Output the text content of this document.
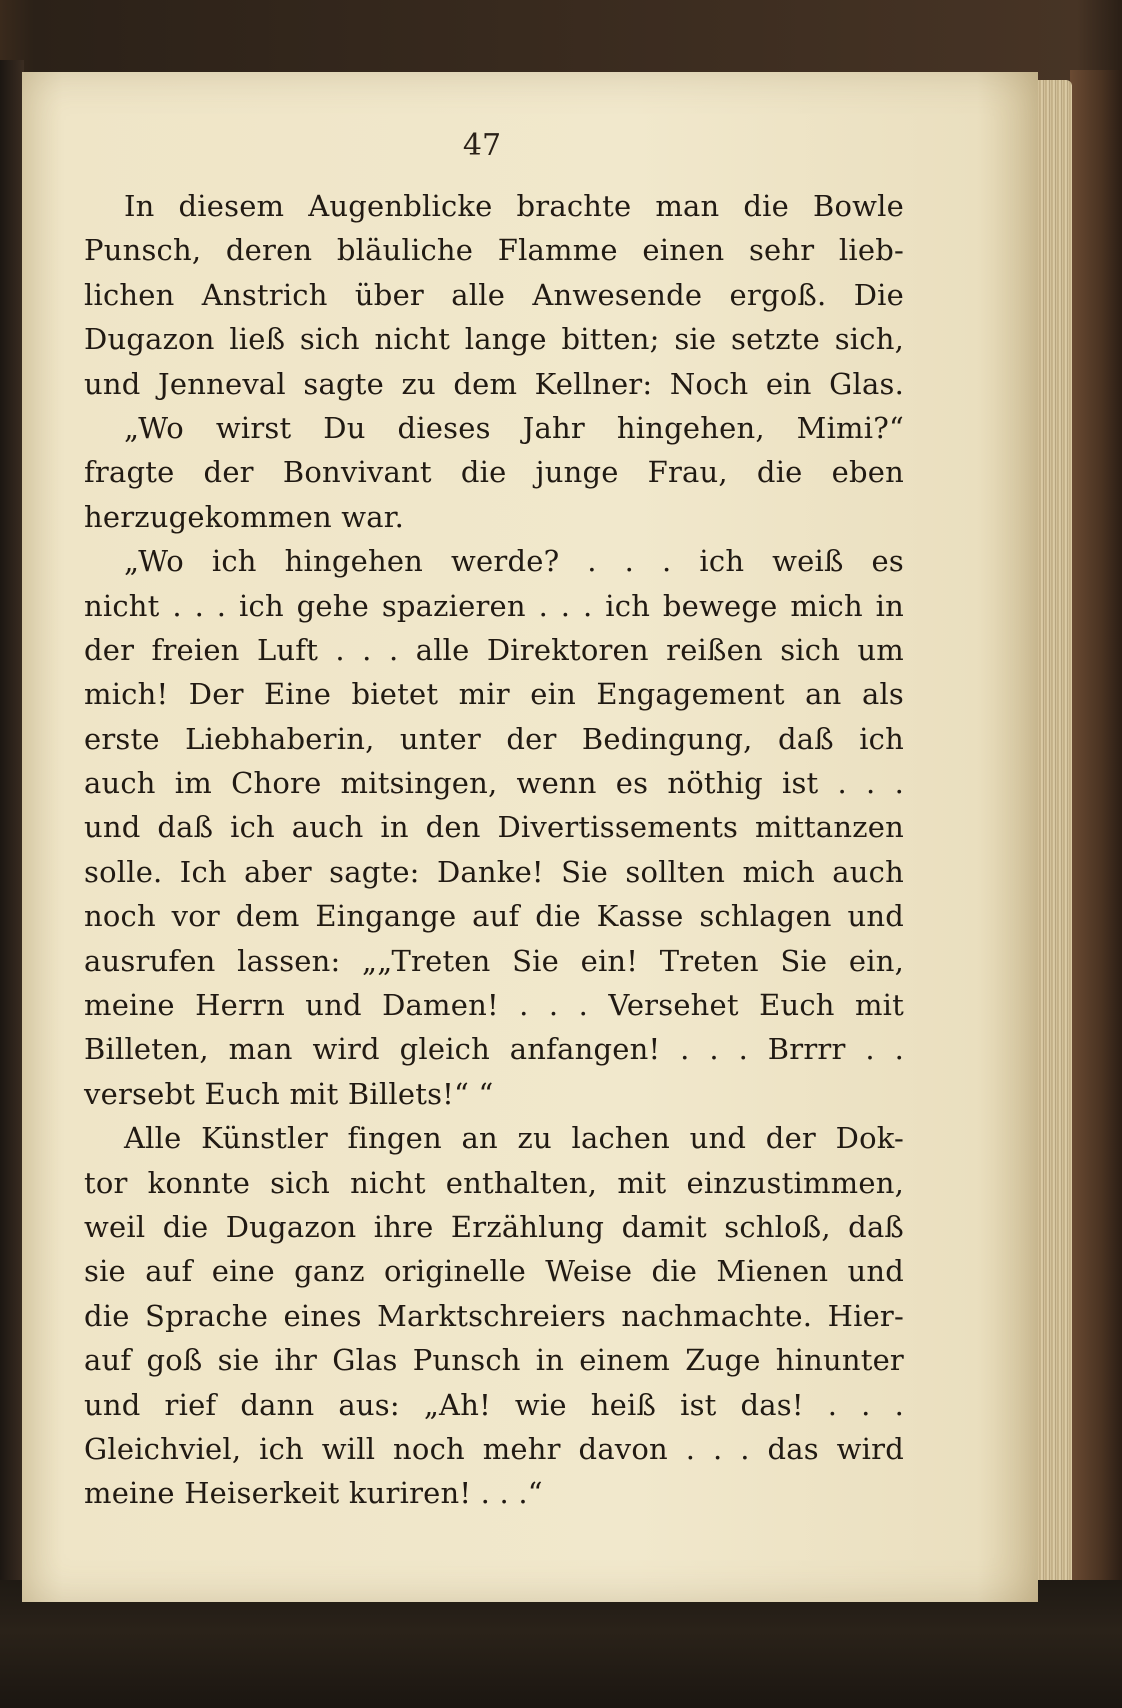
47
In diesem Augenblicke brachte man die Bowle
Punsch, deren bläuliche Flamme einen sehr lieb-
lichen Anstrich über alle Anwesende ergoß. Die
Dugazon ließ sich nicht lange bitten; sie setzte sich,
und Jenneval sagte zu dem Kellner: Noch ein Glas.
„Wo wirst Du dieses Jahr hingehen, Mimi?“
fragte der Bonvivant die junge Frau, die eben
herzugekommen war.
„Wo ich hingehen werde? . . . ich weiß es
nicht . . . ich gehe spazieren . . . ich bewege mich in
der freien Luft . . . alle Direktoren reißen sich um
mich! Der Eine bietet mir ein Engagement an als
erste Liebhaberin, unter der Bedingung, daß ich
auch im Chore mitsingen, wenn es nöthig ist . . .
und daß ich auch in den Divertissements mittanzen
solle. Ich aber sagte: Danke! Sie sollten mich auch
noch vor dem Eingange auf die Kasse schlagen und
ausrufen lassen: „„Treten Sie ein! Treten Sie ein,
meine Herrn und Damen! . . . Versehet Euch mit
Billeten, man wird gleich anfangen! . . . Brrrr . .
versebt Euch mit Billets!“ “
Alle Künstler fingen an zu lachen und der Dok-
tor konnte sich nicht enthalten, mit einzustimmen,
weil die Dugazon ihre Erzählung damit schloß, daß
sie auf eine ganz originelle Weise die Mienen und
die Sprache eines Marktschreiers nachmachte. Hier-
auf goß sie ihr Glas Punsch in einem Zuge hinunter
und rief dann aus: „Ah! wie heiß ist das! . . .
Gleichviel, ich will noch mehr davon . . . das wird
meine Heiserkeit kuriren! . . .“
